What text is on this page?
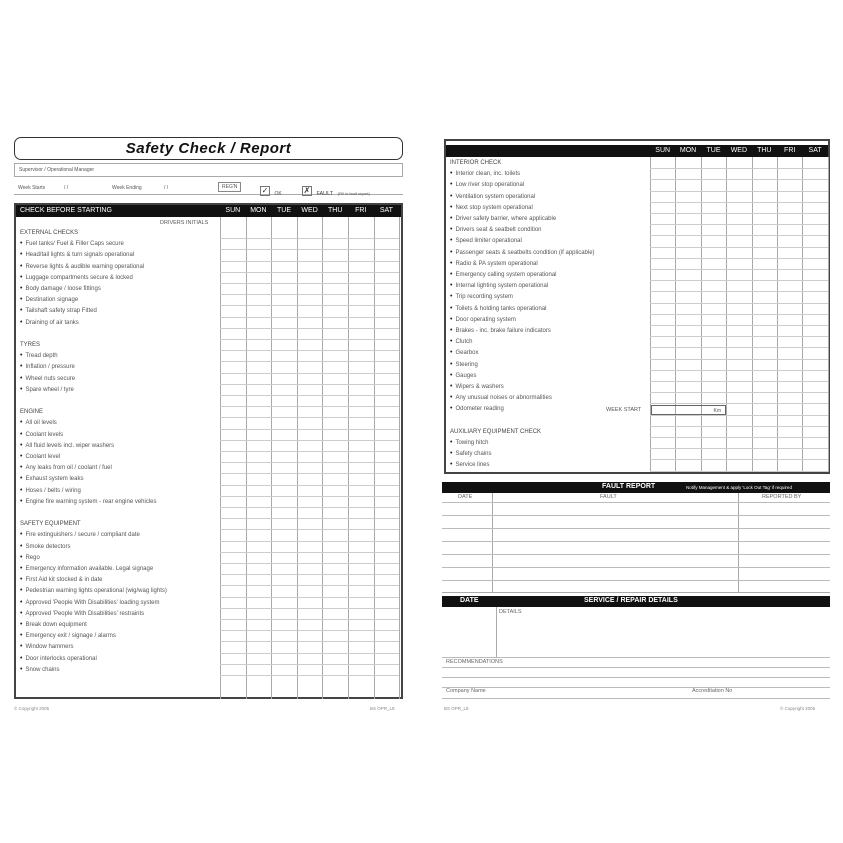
Safety Check / Report
Supervisor / Operational Manager
Week Starts	/ /	Week Ending	/ /	REG'N	✓ OK	✗ FAULT (Fill in fault report)
CHECK BEFORE STARTING	SUN	MON	TUE	WED	THU	FRI	SAT
DRIVERS INITIALS
EXTERNAL CHECKS
• Fuel tanks/ Fuel & Filler Caps secure
• Head/tail lights & turn signals operational
• Reverse lights & audible warning operational
• Luggage compartments secure & locked
• Body damage / loose fittings
• Destination signage
• Tailshaft safety strap Fitted
• Draining of air tanks
TYRES
• Tread depth
• Inflation / pressure
• Wheel nuts secure
• Spare wheel / tyre
ENGINE
• All oil levels
• Coolant levels
• All fluid levels incl. wiper washers
• Coolant level
• Any leaks from oil / coolant / fuel
• Exhaust system leaks
• Hoses / belts / wiring
• Engine fire warning system - rear engine vehicles
SAFETY EQUIPMENT
• Fire extinguishers / secure / compliant date
• Smoke detectors
• Rego
• Emergency information available. Legal signage
• First Aid kit stocked & in date
• Pedestrian warning lights operational (wig/wag lights)
• Approved 'People With Disabilities' loading system
• Approved 'People With Disabilities' restraints
• Break down equipment
• Emergency exit / signage / alarms
• Window hammers
• Door interlocks operational
• Snow chains
© Copyright 2005	BS OPR_L8
SUN	MON	TUE	WED	THU	FRI	SAT
INTERIOR CHECK
• Interior clean, inc. toilets
• Low river stop operational
• Ventilation system operational
• Next stop system operational
• Driver safety barrier, where applicable
• Drivers seat & seatbelt condition
• Speed limiter operational
• Passenger seats & seatbelts condition (if applicable)
• Radio & PA system operational
• Emergency calling system operational
• Internal lighting system operational
• Trip recording system
• Toilets & holding tanks operational
• Door operating system
• Brakes - inc. brake failure indicators
• Clutch
• Gearbox
• Steering
• Gauges
• Wipers & washers
• Any unusual noises or abnormalities
• Odometer reading
AUXILIARY EQUIPMENT CHECK
• Towing hitch
• Safety chains
• Service lines
WEEK START	Km
FAULT REPORT	Notify Management & apply 'Lock Out Tag' if required
DATE	FAULT	REPORTED BY
DATE	SERVICE / REPAIR DETAILS
DETAILS
RECOMMENDATIONS
Company Name	Accreditation No
BS OPR_L8	© Copyright 2005
